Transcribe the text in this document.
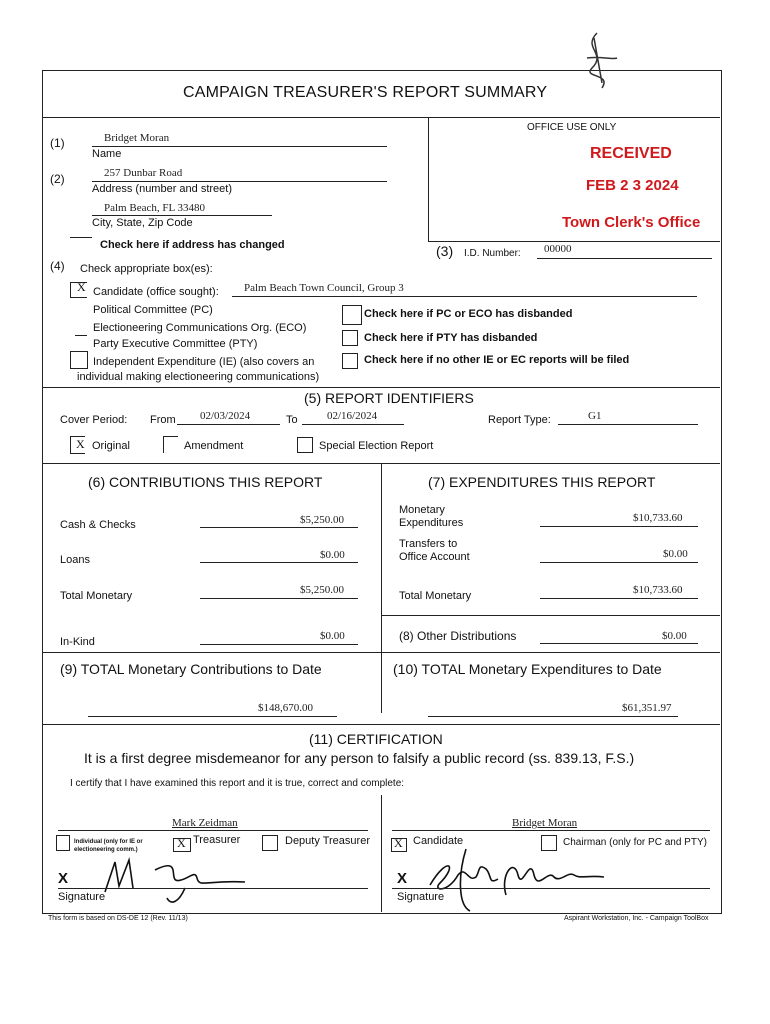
CAMPAIGN TREASURER'S REPORT SUMMARY
OFFICE USE ONLY
RECEIVED
FEB 2 3 2024
Town Clerk's Office
(1)	Bridget Moran
Name
(2)	257 Dunbar Road
Address (number and street)
Palm Beach, FL 33480
City, State, Zip Code
Check here if address has changed	(3) I.D. Number: 00000
(4) Check appropriate box(es):
X Candidate (office sought): Palm Beach Town Council, Group 3
Political Committee (PC)
Electioneering Communications Org. (ECO)
Party Executive Committee (PTY)
Independent Expenditure (IE) (also covers an
individual making electioneering communications)
Check here if PC or ECO has disbanded
Check here if PTY has disbanded
Check here if no other IE or EC reports will be filed
(5) REPORT IDENTIFIERS
Cover Period: From 02/03/2024	To	02/16/2024	Report Type:	G1
X Original	Amendment	Special Election Report
(6) CONTRIBUTIONS THIS REPORT
Cash & Checks	$5,250.00
Loans	$0.00
Total Monetary	$5,250.00
In-Kind	$0.00
(7) EXPENDITURES THIS REPORT
Monetary
Expenditures	$10,733.60
Transfers to
Office Account	$0.00
Total Monetary	$10,733.60
(8) Other Distributions	$0.00
(9) TOTAL Monetary Contributions to Date
$148,670.00
(10) TOTAL Monetary Expenditures to Date
$61,351.97
(11) CERTIFICATION
It is a first degree misdemeanor for any person to falsify a public record (ss. 839.13, F.S.)
I certify that I have examined this report and it is true, correct and complete:
Mark Zeidman
Individual (only for IE or
electioneering comm.)	X Treasurer	Deputy Treasurer
X
Signature
Bridget Moran
X Candidate	Chairman (only for PC and PTY)
X
Signature
This form is based on DS-DE 12 (Rev. 11/13)	Aspirant Workstation, Inc. - Campaign ToolBox
